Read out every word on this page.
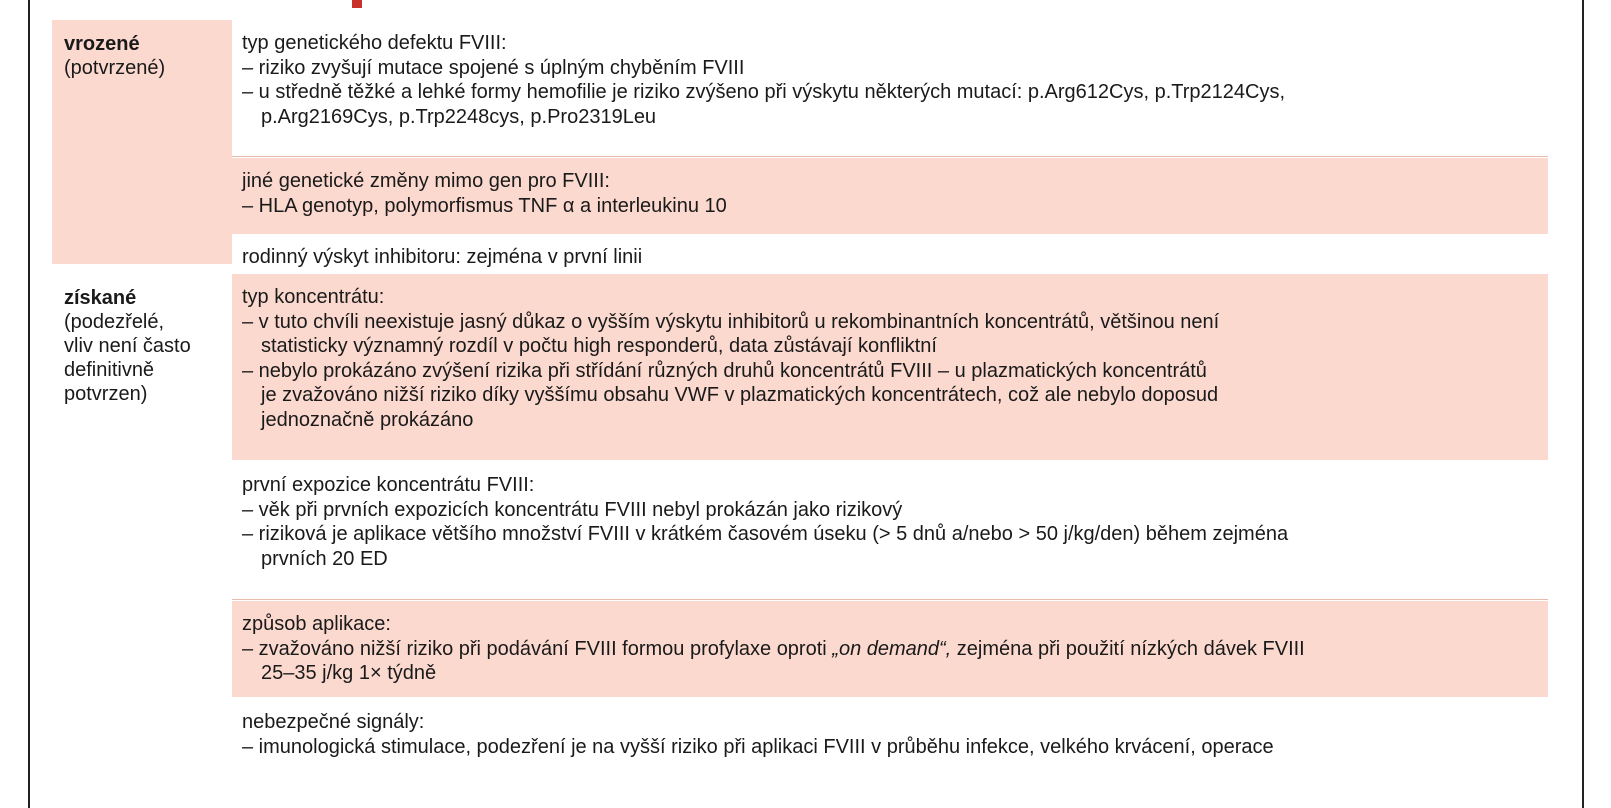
vrozené
(potvrzené)
získané
(podezřelé,
vliv není často
definitivně
potvrzen)
typ genetického defektu FVIII:
– riziko zvyšují mutace spojené s úplným chyběním FVIII
– u středně těžké a lehké formy hemofilie je riziko zvýšeno při výskytu některých mutací: p.Arg612Cys, p.Trp2124Cys,
p.Arg2169Cys, p.Trp2248cys, p.Pro2319Leu
jiné genetické změny mimo gen pro FVIII:
– HLA genotyp, polymorfismus TNF α a interleukinu 10
rodinný výskyt inhibitoru: zejména v první linii
typ koncentrátu:
– v tuto chvíli neexistuje jasný důkaz o vyšším výskytu inhibitorů u rekombinantních koncentrátů, většinou není
statisticky významný rozdíl v počtu high responderů, data zůstávají konfliktní
– nebylo prokázáno zvýšení rizika při střídání různých druhů koncentrátů FVIII – u plazmatických koncentrátů
je zvažováno nižší riziko díky vyššímu obsahu VWF v plazmatických koncentrátech, což ale nebylo doposud
jednoznačně prokázáno
první expozice koncentrátu FVIII:
– věk při prvních expozicích koncentrátu FVIII nebyl prokázán jako rizikový
– riziková je aplikace většího množství FVIII v krátkém časovém úseku (> 5 dnů a/nebo > 50 j/kg/den) během zejména
prvních 20 ED
způsob aplikace:
– zvažováno nižší riziko při podávání FVIII formou profylaxe oproti „on demand“, zejména při použití nízkých dávek FVIII
25–35 j/kg 1× týdně
nebezpečné signály:
– imunologická stimulace, podezření je na vyšší riziko při aplikaci FVIII v průběhu infekce, velkého krvácení, operace
